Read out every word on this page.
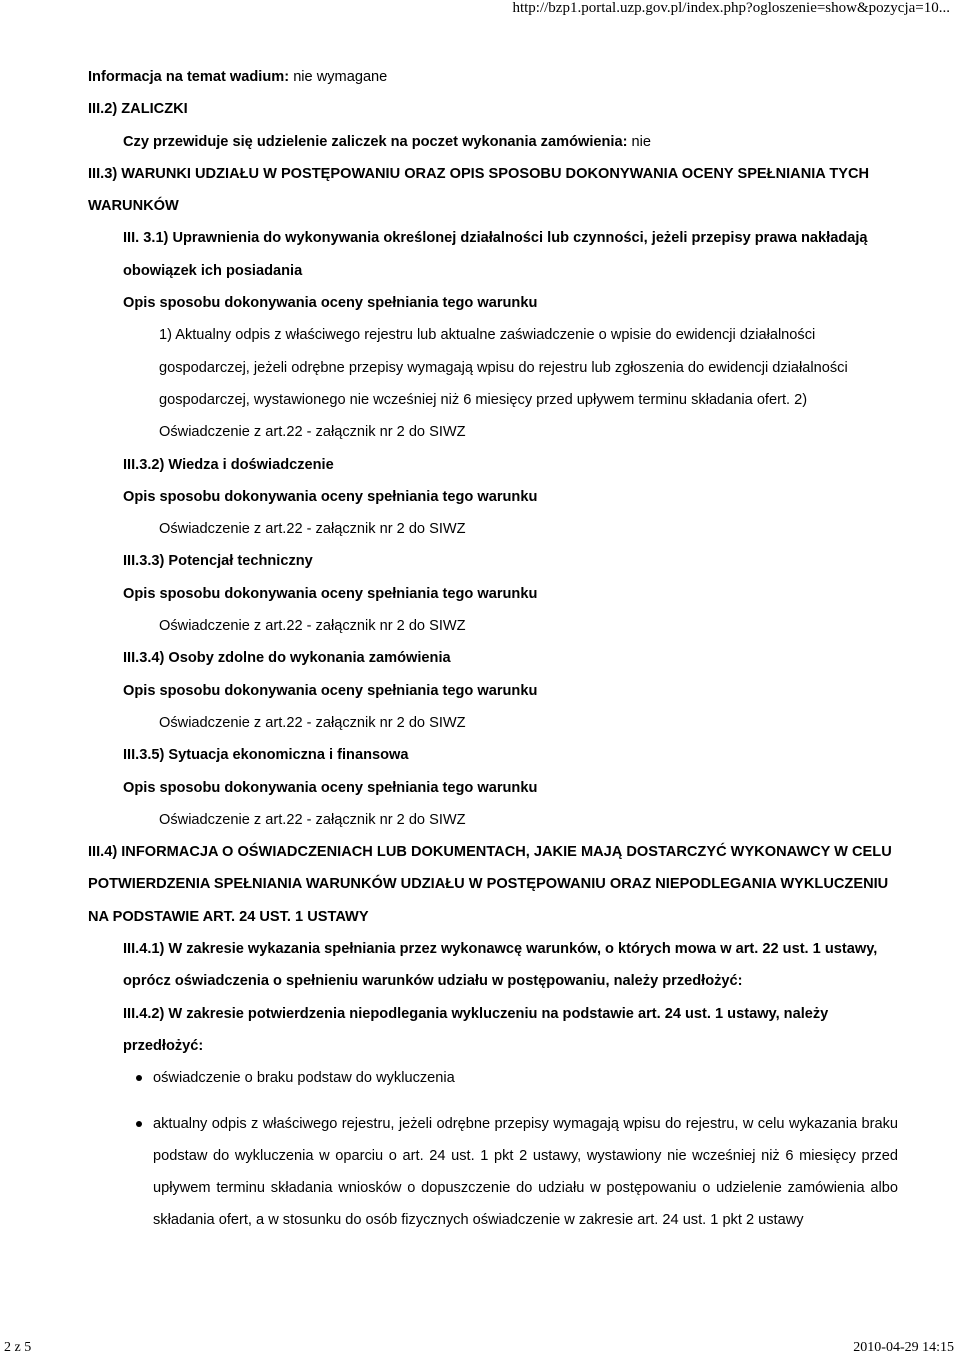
http://bzp1.portal.uzp.gov.pl/index.php?ogloszenie=show&pozycja=10...
Informacja na temat wadium: nie wymagane
III.2) ZALICZKI
Czy przewiduje się udzielenie zaliczek na poczet wykonania zamówienia: nie
III.3) WARUNKI UDZIAŁU W POSTĘPOWANIU ORAZ OPIS SPOSOBU DOKONYWANIA OCENY SPEŁNIANIA TYCH WARUNKÓW
III. 3.1) Uprawnienia do wykonywania określonej działalności lub czynności, jeżeli przepisy prawa nakładają obowiązek ich posiadania
Opis sposobu dokonywania oceny spełniania tego warunku
1) Aktualny odpis z właściwego rejestru lub aktualne zaświadczenie o wpisie do ewidencji działalności gospodarczej, jeżeli odrębne przepisy wymagają wpisu do rejestru lub zgłoszenia do ewidencji działalności gospodarczej, wystawionego nie wcześniej niż 6 miesięcy przed upływem terminu składania ofert. 2) Oświadczenie z art.22 - załącznik nr 2 do SIWZ
III.3.2) Wiedza i doświadczenie
Opis sposobu dokonywania oceny spełniania tego warunku
Oświadczenie z art.22 - załącznik nr 2 do SIWZ
III.3.3) Potencjał techniczny
Opis sposobu dokonywania oceny spełniania tego warunku
Oświadczenie z art.22 - załącznik nr 2 do SIWZ
III.3.4) Osoby zdolne do wykonania zamówienia
Opis sposobu dokonywania oceny spełniania tego warunku
Oświadczenie z art.22 - załącznik nr 2 do SIWZ
III.3.5) Sytuacja ekonomiczna i finansowa
Opis sposobu dokonywania oceny spełniania tego warunku
Oświadczenie z art.22 - załącznik nr 2 do SIWZ
III.4) INFORMACJA O OŚWIADCZENIACH LUB DOKUMENTACH, JAKIE MAJĄ DOSTARCZYĆ WYKONAWCY W CELU POTWIERDZENIA SPEŁNIANIA WARUNKÓW UDZIAŁU W POSTĘPOWANIU ORAZ NIEPODLEGANIA WYKLUCZENIU NA PODSTAWIE ART. 24 UST. 1 USTAWY
III.4.1) W zakresie wykazania spełniania przez wykonawcę warunków, o których mowa w art. 22 ust. 1 ustawy, oprócz oświadczenia o spełnieniu warunków udziału w postępowaniu, należy przedłożyć:
III.4.2) W zakresie potwierdzenia niepodlegania wykluczeniu na podstawie art. 24 ust. 1 ustawy, należy przedłożyć:
oświadczenie o braku podstaw do wykluczenia
aktualny odpis z właściwego rejestru, jeżeli odrębne przepisy wymagają wpisu do rejestru, w celu wykazania braku podstaw do wykluczenia w oparciu o art. 24 ust. 1 pkt 2 ustawy, wystawiony nie wcześniej niż 6 miesięcy przed upływem terminu składania wniosków o dopuszczenie do udziału w postępowaniu o udzielenie zamówienia albo składania ofert, a w stosunku do osób fizycznych oświadczenie w zakresie art. 24 ust. 1 pkt 2 ustawy
2 z 5	2010-04-29 14:15
